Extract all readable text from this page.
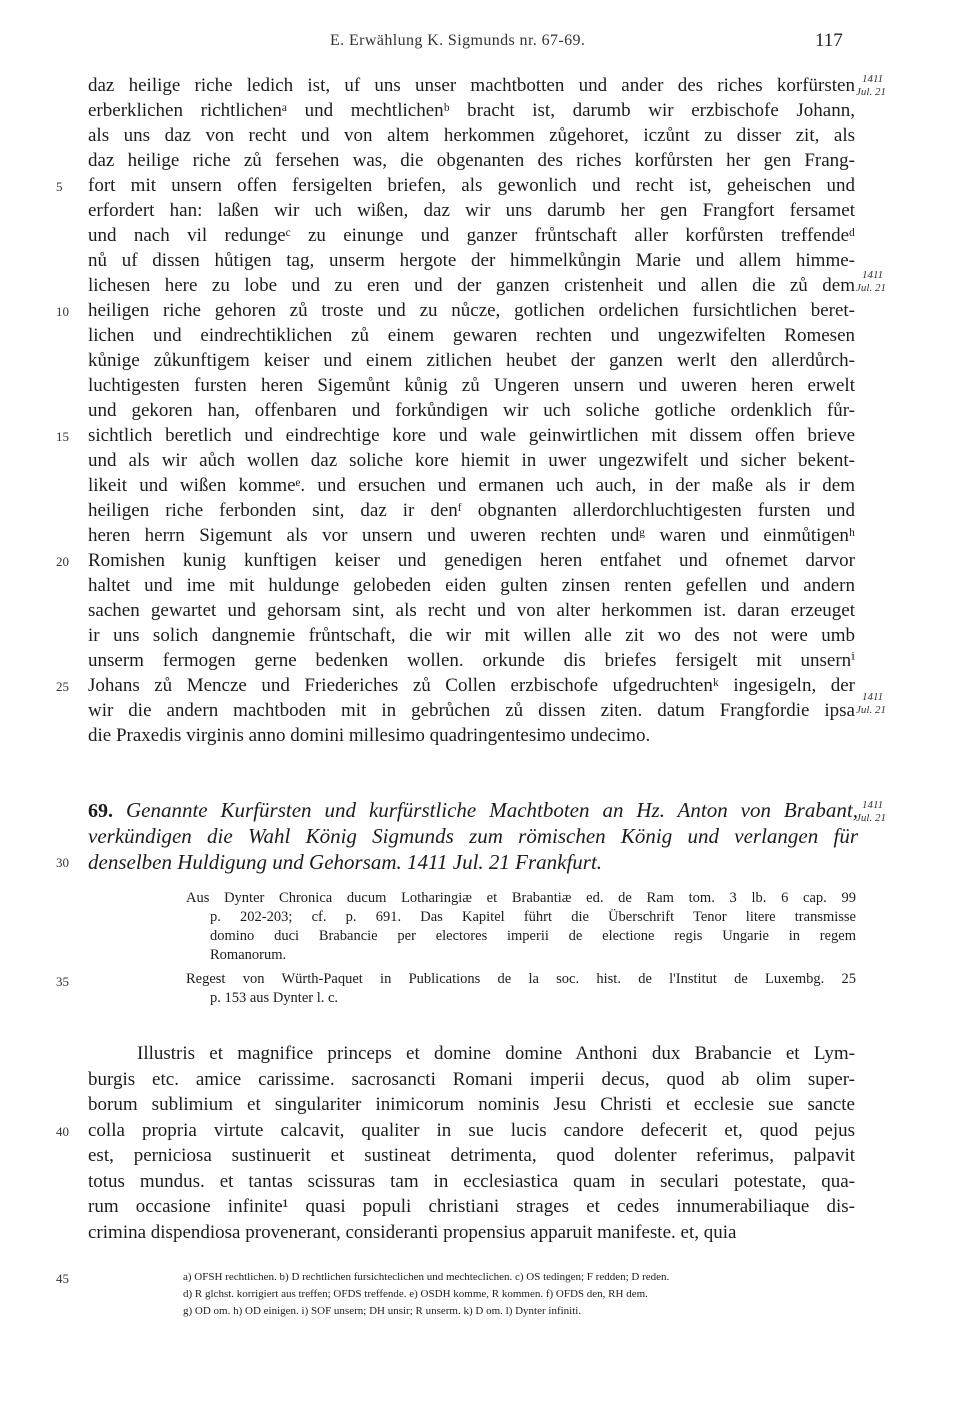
E. Erwählung K. Sigmunds nr. 67-69.	117
daz heilige riche ledich ist, uf uns unser machtbotten und ander des riches korfürsten
erberklichen richtlichenᵃ und mechtlichenᵇ bracht ist, darumb wir erzbischofe Johann,
als uns daz von recht und von altem herkommen zůgehoret, iczůnt zu disser zit, als
daz heilige riche zů fersehen was, die obgenanten des riches korfůrsten her gen Frang-
fort mit unsern offen fersigelten briefen, als gewonlich und recht ist, geheischen und
5
erfordert han: laßen wir uch wißen, daz wir uns darumb her gen Frangfort fersamet
und nach vil redungeᶜ zu einunge und ganzer frůntschaft aller korfůrsten treffendeᵈ
nů uf dissen hůtigen tag, unserm hergote der himmelkůngin Marie und allem himme-
lichesen here zu lobe und zu eren und der ganzen cristenheit und allen die zů dem
heiligen riche gehoren zů troste und zu nůcze, gotlichen ordelichen fursichtlichen beret-
10
lichen und eindrechtiklichen zů einem gewaren rechten und ungezwifelten Romesen
kůnige zůkunftigem keiser und einem zitlichen heubet der ganzen werlt den allerdůrch-
luchtigesten fursten heren Sigemůnt kůnig zů Ungeren unsern und uweren heren erwelt
und gekoren han, offenbaren und forkůndigen wir uch soliche gotliche ordenklich fůr-
sichtlich beretlich und eindrechtige kore und wale geinwirtlichen mit dissem offen brieve
15
und als wir aůch wollen daz soliche kore hiemit in uwer ungezwifelt und sicher bekent-
likeit und wißen kommeᵉ. und ersuchen und ermanen uch auch, in der maße als ir dem
heiligen riche ferbonden sint, daz ir denᶠ obgnanten allerdorchluchtigesten fursten und
heren herrn Sigemunt als vor unsern und uweren rechten undᵍ waren und einmůtigenʰ
Romishen kunig kunftigen keiser und genedigen heren entfahet und ofnemet darvor
20
haltet und ime mit huldunge gelobeden eiden gulten zinsen renten gefellen und andern
sachen gewartet und gehorsam sint, als recht und von alter herkommen ist. daran erzeuget
ir uns solich dangnemie frůntschaft, die wir mit willen alle zit wo des not were umb
unserm fermogen gerne bedenken wollen. orkunde dis briefes fersigelt mit unsernⁱ
Johans zů Mencze und Friederiches zů Collen erzbischofe ufgedruchtenᵏ ingesigeln, der
25
wir die andern machtboden mit in gebrůchen zů dissen ziten. datum Frangfordie ipsa
die Praxedis virginis anno domini millesimo quadringentesimo undecimo.
1411
Jul. 21
1411
Jul. 21
1411
Jul. 21
1411
Jul. 21
69. Genannte Kurfürsten und kurfürstliche Machtboten an Hz. Anton von Brabant,
verkündigen die Wahl König Sigmunds zum römischen König und verlangen für
denselben Huldigung und Gehorsam. 1411 Jul. 21 Frankfurt.
30
Aus Dynter Chronica ducum Lotharingiæ et Brabantiæ ed. de Ram tom. 3 lb. 6 cap. 99
p. 202-203; cf. p. 691. Das Kapitel führt die Überschrift Tenor litere transmisse
domino duci Brabancie per electores imperii de electione regis Ungarie in regem
Romanorum.
Regest von Würth-Paquet in Publications de la soc. hist. de l'Institut de Luxembg. 25
p. 153 aus Dynter l. c.
35
Illustris et magnifice princeps et domine domine Anthoni dux Brabancie et Lym-
burgis etc. amice carissime. sacrosancti Romani imperii decus, quod ab olim super-
borum sublimium et singulariter inimicorum nominis Jesu Christi et ecclesie sue sancte
colla propria virtute calcavit, qualiter in sue lucis candore defecerit et, quod pejus
40
est, perniciosa sustinuerit et sustineat detrimenta, quod dolenter referimus, palpavit
totus mundus. et tantas scissuras tam in ecclesiastica quam in seculari potestate, qua-
rum occasione infinite¹ quasi populi christiani strages et cedes innumerabiliaque dis-
crimina dispendiosa provenerant, consideranti propensius apparuit manifeste. et, quia
45	a) OFSH rechtlichen. b) D rechtlichen fursichteclichen und mechteclichen. c) OS tedingen; F redden; D reden.
d) R glchst. korrigiert aus treffen; OFDS treffende. e) OSDH komme, R kommen. f) OFDS den, RH dem.
g) OD om. h) OD einigen. i) SOF unsern; DH unsir; R unserm. k) D om. l) Dynter infiniti.
